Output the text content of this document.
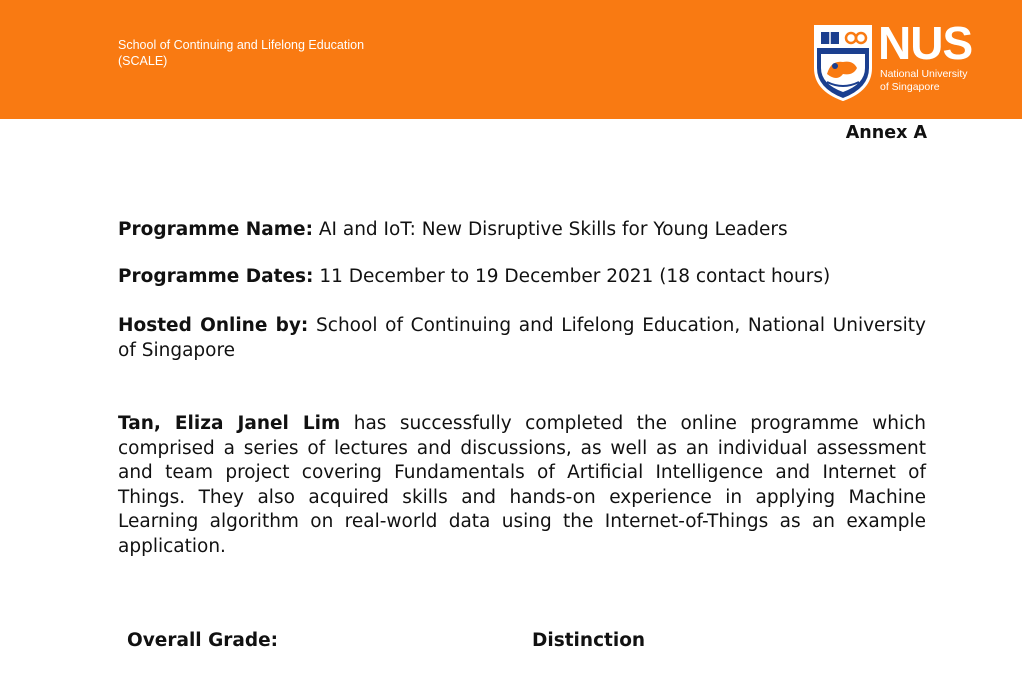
School of Continuing and Lifelong Education
(SCALE)	NUS
National University
of Singapore
Annex A
Programme Name: AI and IoT: New Disruptive Skills for Young Leaders
Programme Dates: 11 December to 19 December 2021 (18 contact hours)
Hosted Online by: School of Continuing and Lifelong Education, National University of Singapore
Tan, Eliza Janel Lim has successfully completed the online programme which comprised a series of lectures and discussions, as well as an individual assessment and team project covering Fundamentals of Artificial Intelligence and Internet of Things. They also acquired skills and hands-on experience in applying Machine Learning algorithm on real-world data using the Internet-of-Things as an example application.
Overall Grade:	Distinction
